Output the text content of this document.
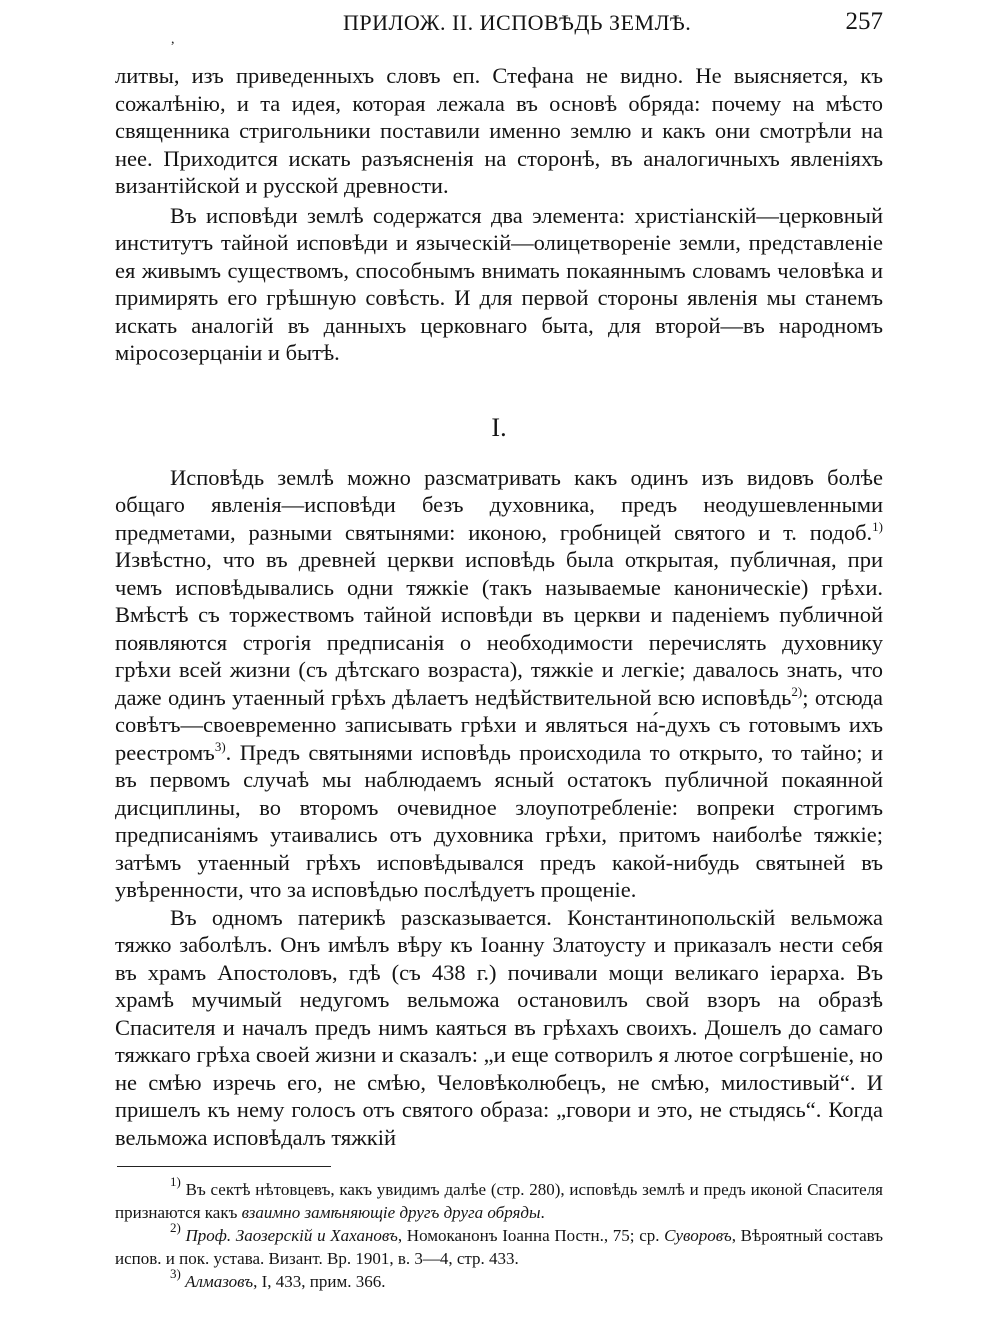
,
ПРИЛОЖ. II. ИСПОВѢДЬ ЗЕМЛѢ.	257

литвы, изъ приведенныхъ словъ еп. Стефана не видно. Не выясняется, къ сожалѣнію, и та идея, которая лежала въ основѣ обряда: почему на мѣсто священника стригольники поставили именно землю и какъ они смотрѣли на нее. Приходится искать разъясненія на сторонѣ, въ аналогичныхъ явленіяхъ византійской и русской древности.

Въ исповѣди землѣ содержатся два элемента: христіанскій—церковный институтъ тайной исповѣди и языческій—олицетвореніе земли, представленіе ея живымъ существомъ, способнымъ внимать покаяннымъ словамъ человѣка и примирять его грѣшную совѣсть. И для первой стороны явленія мы станемъ искать аналогій въ данныхъ церковнаго быта, для второй—въ народномъ міросозерцаніи и бытѣ.

I.

Исповѣдь землѣ можно разсматривать какъ одинъ изъ видовъ болѣе общаго явленія—исповѣди безъ духовника, предъ неодушевленными предметами, разными святынями: иконою, гробницей святого и т. подоб.$^{1)}$ Извѣстно, что въ древней церкви исповѣдь была открытая, публичная, при чемъ исповѣдывались одни тяжкіе (такъ называемые каноническіе) грѣхи. Вмѣстѣ съ торжествомъ тайной исповѣди въ церкви и паденіемъ публичной появляются строгія предписанія о необходимости перечислять духовнику грѣхи всей жизни (съ дѣтскаго возраста), тяжкіе и легкіе; давалось знать, что даже одинъ утаенный грѣхъ дѣлаетъ недѣйствительной всю исповѣдь$^{2)}$; отсюда совѣтъ—своевременно записывать грѣхи и являться на́-духъ съ готовымъ ихъ реестромъ$^{3)}$. Предъ святынями исповѣдь происходила то открыто, то тайно; и въ первомъ случаѣ мы наблюдаемъ ясный остатокъ публичной покаянной дисциплины, во второмъ очевидное злоупотребленіе: вопреки строгимъ предписаніямъ утаивались отъ духовника грѣхи, притомъ наиболѣе тяжкіе; затѣмъ утаенный грѣхъ исповѣдывался предъ какой-нибудь святыней въ увѣренности, что за исповѣдью послѣдуетъ прощеніе.

Въ одномъ патерикѣ разсказывается. Константинопольскій вельможа тяжко заболѣлъ. Онъ имѣлъ вѣру къ Іоанну Златоусту и приказалъ нести себя въ храмъ Апостоловъ, гдѣ (съ 438 г.) почивали мощи великаго іерарха. Въ храмѣ мучимый недугомъ вельможа остановилъ свой взоръ на образѣ Спасителя и началъ предъ нимъ каяться въ грѣхахъ своихъ. Дошелъ до самаго тяжкаго грѣха своей жизни и сказалъ: „и еще сотворилъ я лютое согрѣшеніе, но не смѣю изречь его, не смѣю, Человѣколюбецъ, не смѣю, милостивый“. И пришелъ къ нему голосъ отъ святого образа: „говори и это, не стыдясь“. Когда вельможа исповѣдалъ тяжкій

$^{1)}$ Въ сектѣ нѣтовцевъ, какъ увидимъ далѣе (стр. 280), исповѣдь землѣ и предъ иконой Спасителя признаются какъ взаимно замѣняющіе другъ друга обряды.

$^{2)}$ Проф. Заозерскій и Хахановъ, Номоканонъ Іоанна Постн., 75; ср. Суворовъ, Вѣроятный составъ испов. и пок. устава. Визант. Вр. 1901, в. 3—4, стр. 433.

$^{3)}$ Алмазовъ, I, 433, прим. 366.
